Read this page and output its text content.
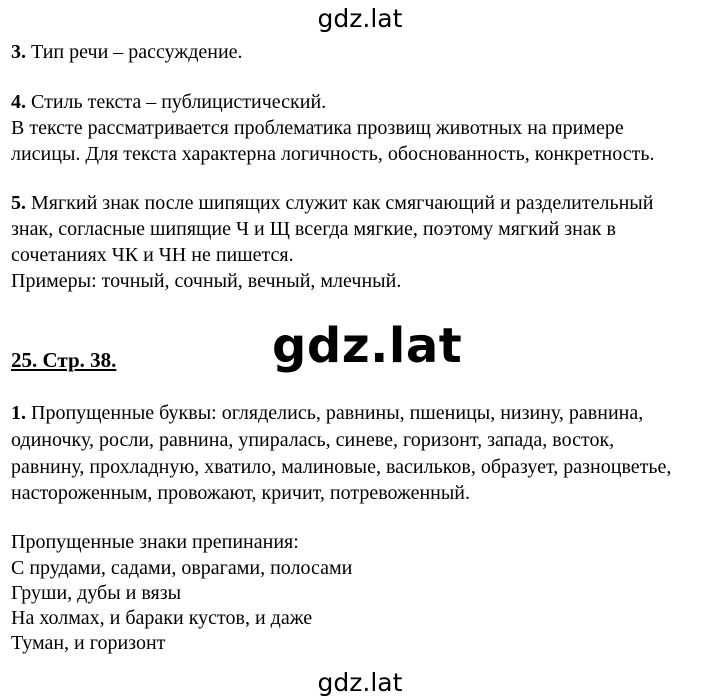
gdz.lat
3. Тип речи – рассуждение.
4. Стиль текста – публицистический.
В тексте рассматривается проблематика прозвищ животных на примере
лисицы. Для текста характерна логичность, обоснованность, конкретность.
5. Мягкий знак после шипящих служит как смягчающий и разделительный
знак, согласные шипящие Ч и Щ всегда мягкие, поэтому мягкий знак в
сочетаниях ЧК и ЧН не пишется.
Примеры: точный, сочный, вечный, млечный.
25. Стр. 38.	gdz.lat
1. Пропущенные буквы: огляделись, равнины, пшеницы, низину, равнина,
одиночку, росли, равнина, упиралась, синеве, горизонт, запада, восток,
равнину, прохладную, хватило, малиновые, васильков, образует, разноцветье,
настороженным, провожают, кричит, потревоженный.
Пропущенные знаки препинания:
С прудами, садами, оврагами, полосами
Груши, дубы и вязы
На холмах, и бараки кустов, и даже
Туман, и горизонт
gdz.lat
